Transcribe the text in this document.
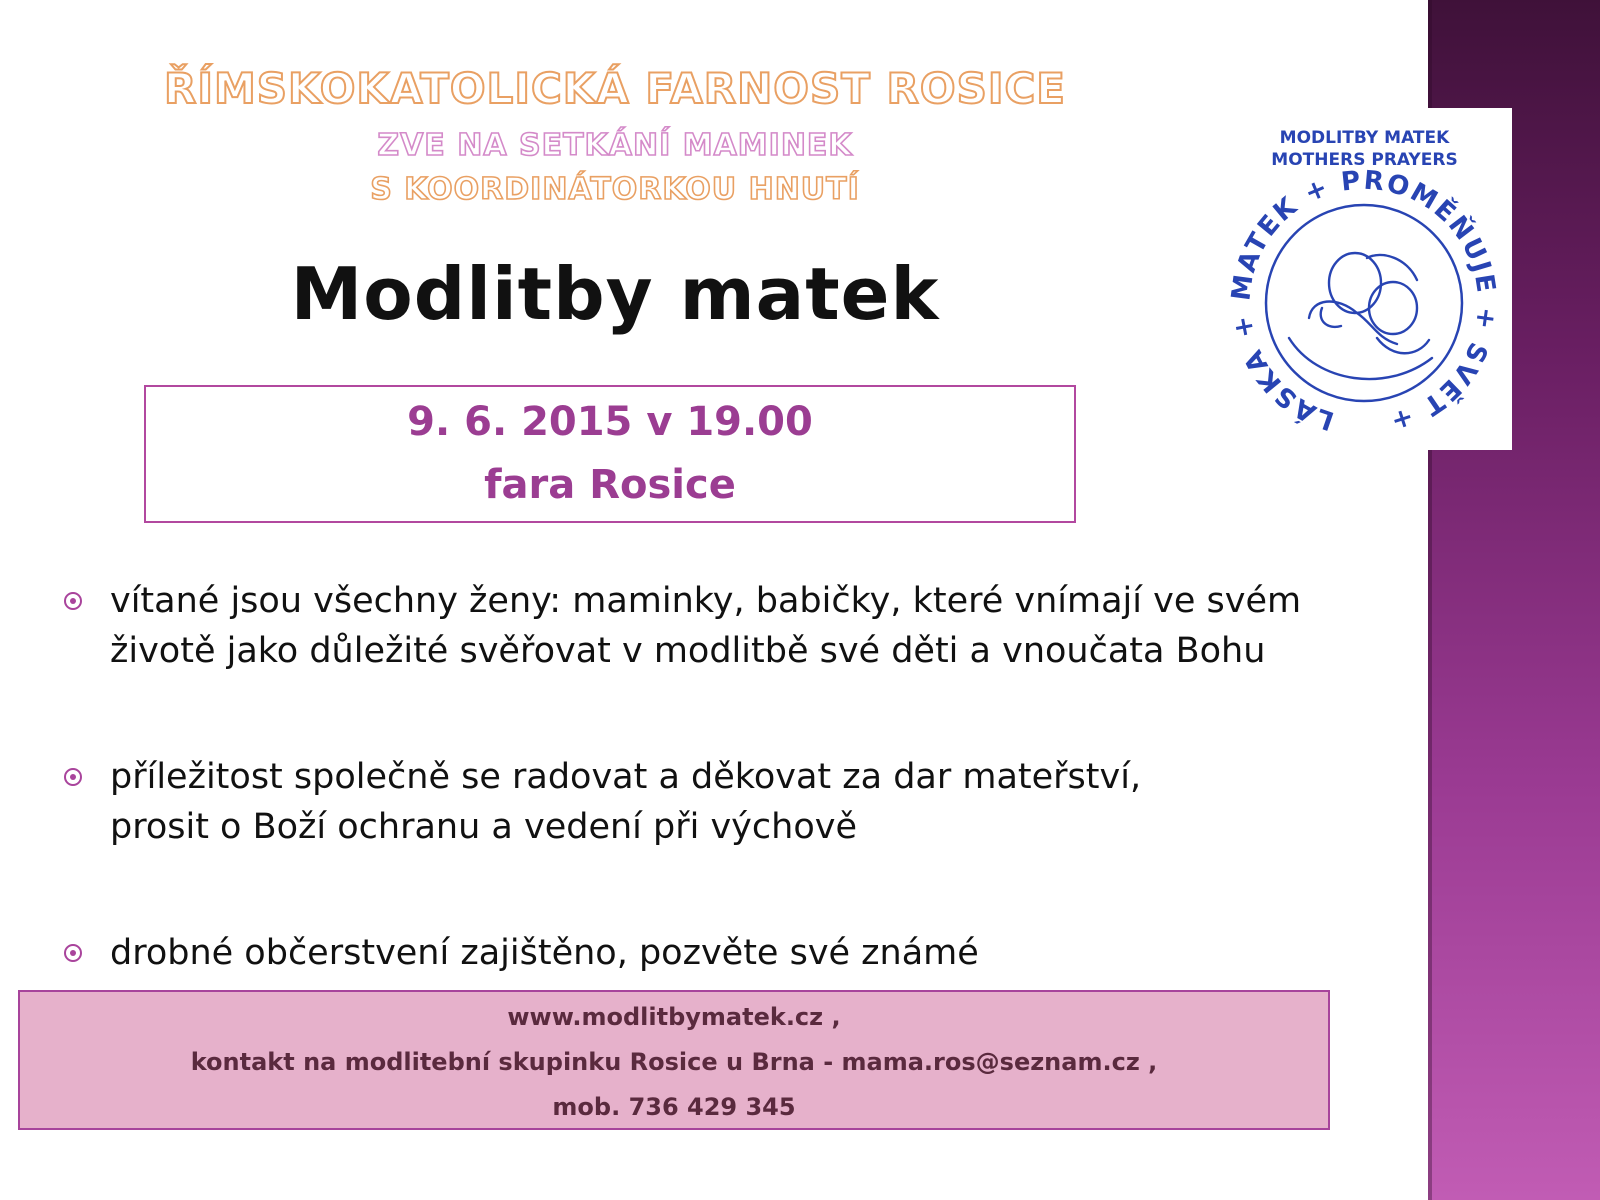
ŘÍMSKOKATOLICKÁ FARNOST ROSICE
ZVE NA SETKÁNÍ MAMINEK
S KOORDINÁTORKOU HNUTÍ
Modlitby matek
9. 6. 2015 v 19.00
fara Rosice
vítané jsou všechny ženy: maminky, babičky, které vnímají ve svém
životě jako důležité svěřovat v modlitbě své děti a vnoučata Bohu
příležitost společně se radovat a děkovat za dar mateřství,
prosit o Boží ochranu a vedení při výchově
drobné občerstvení zajištěno, pozvěte své známé
www.modlitbymatek.cz ,
kontakt na modlitební skupinku Rosice u Brna - mama.ros@seznam.cz ,
mob. 736 429 345
MODLITBY MATEK
MOTHERS PRAYERS
LÁSKA + MATEK + PROMĚŇUJE + SVĚT +
